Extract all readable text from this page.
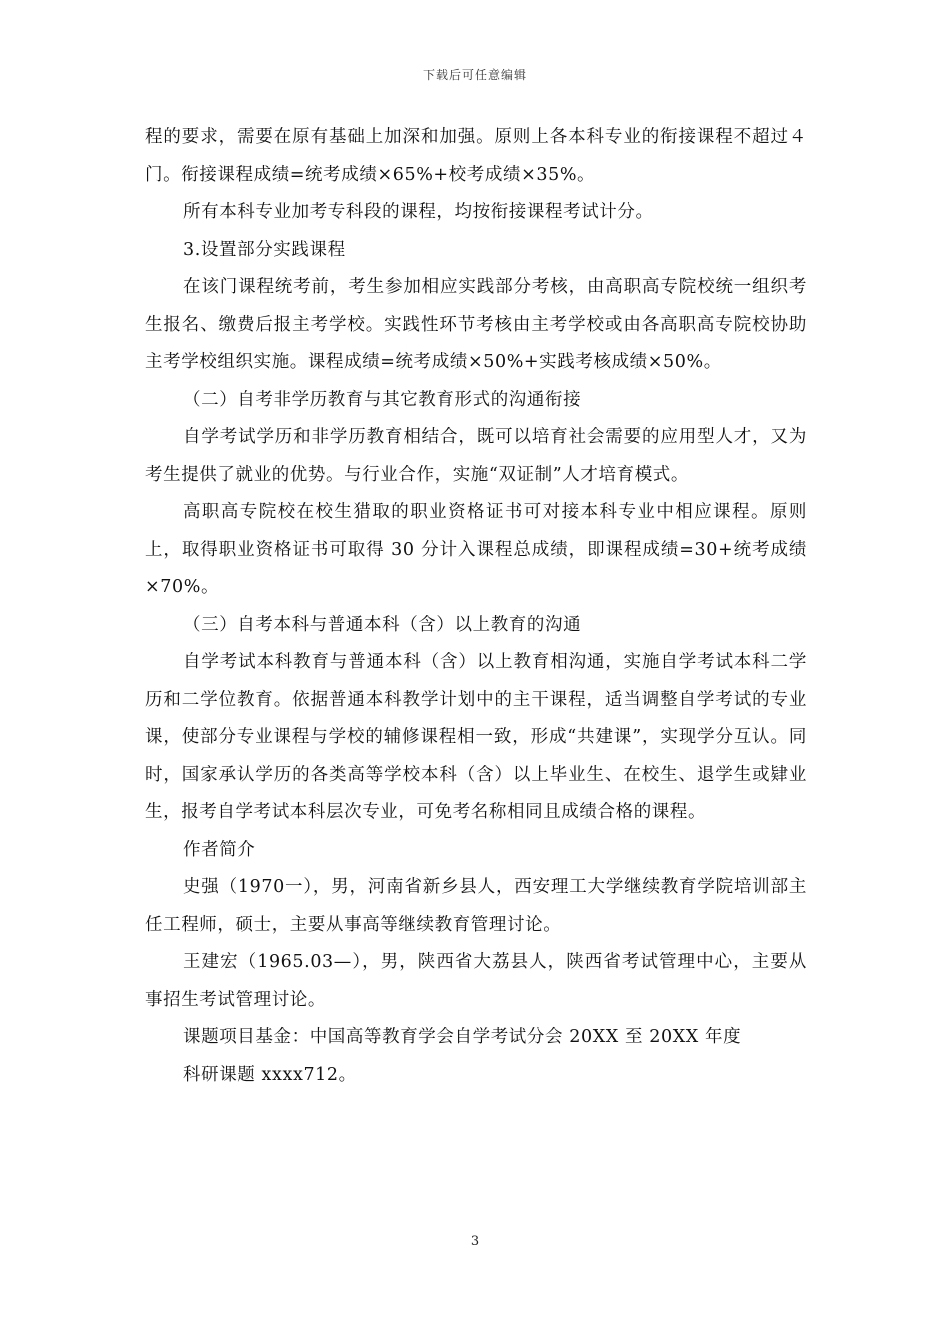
下载后可任意编辑

程的要求，需要在原有基础上加深和加强。原则上各本科专业的衔接课程不超过４门。衔接课程成绩=统考成绩×65%+校考成绩×35%。

所有本科专业加考专科段的课程，均按衔接课程考试计分。

3.设置部分实践课程

在该门课程统考前，考生参加相应实践部分考核，由高职高专院校统一组织考生报名、缴费后报主考学校。实践性环节考核由主考学校或由各高职高专院校协助主考学校组织实施。课程成绩=统考成绩×50%+实践考核成绩×50%。

（二）自考非学历教育与其它教育形式的沟通衔接

自学考试学历和非学历教育相结合，既可以培育社会需要的应用型人才，又为考生提供了就业的优势。与行业合作，实施“双证制”人才培育模式。

高职高专院校在校生猎取的职业资格证书可对接本科专业中相应课程。原则上，取得职业资格证书可取得 30 分计入课程总成绩，即课程成绩=30+统考成绩×70%。

（三）自考本科与普通本科（含）以上教育的沟通

自学考试本科教育与普通本科（含）以上教育相沟通，实施自学考试本科二学历和二学位教育。依据普通本科教学计划中的主干课程，适当调整自学考试的专业课，使部分专业课程与学校的辅修课程相一致，形成“共建课”，实现学分互认。同时，国家承认学历的各类高等学校本科（含）以上毕业生、在校生、退学生或肄业生，报考自学考试本科层次专业，可免考名称相同且成绩合格的课程。

作者简介

史强（1970一），男，河南省新乡县人，西安理工大学继续教育学院培训部主任工程师，硕士，主要从事高等继续教育管理讨论。

王建宏（1965.03—），男，陕西省大荔县人，陕西省考试管理中心，主要从事招生考试管理讨论。

课题项目基金：中国高等教育学会自学考试分会 20XX 至 20XX 年度

科研课题 xxxx712。

3
